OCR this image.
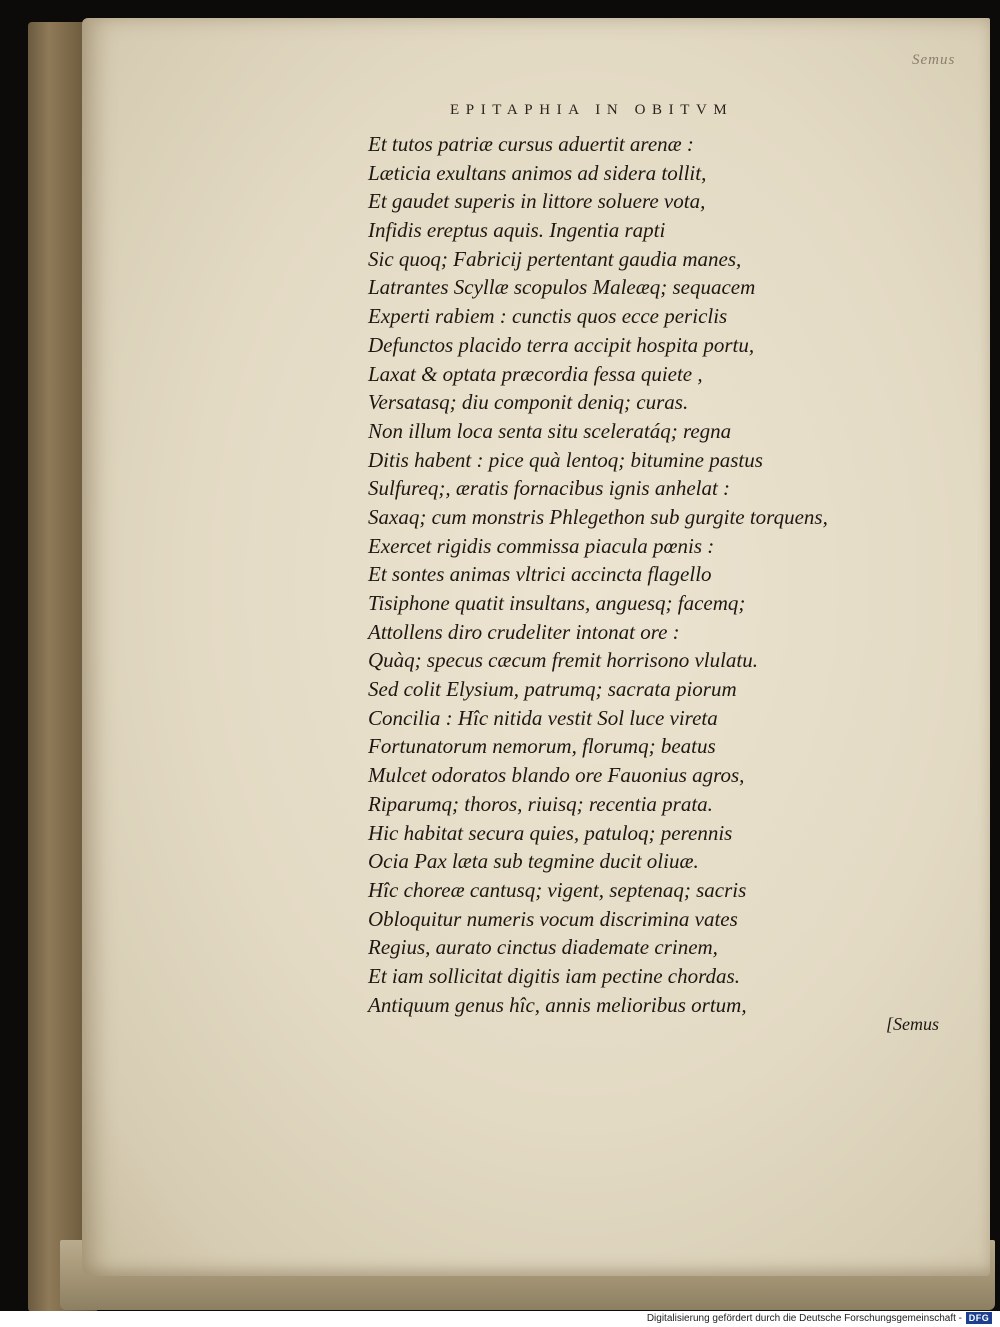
Semus
EPITAPHIA IN OBITVM
Et tutos patriæ cursus aduertit arenæ :
Læticia exultans animos ad sidera tollit,
Et gaudet superis in littore soluere vota,
Infidis ereptus aquis. Ingentia rapti
Sic quoq; Fabricij pertentant gaudia manes,
Latrantes Scyllæ scopulos Maleæq; sequacem
Experti rabiem : cunctis quos ecce periclis
Defunctos placido terra accipit hospita portu,
Laxat & optata præcordia fessa quiete ,
Versatasq; diu componit deniq; curas.
Non illum loca senta situ sceleratáq; regna
Ditis habent : pice quà lentoq; bitumine pastus
Sulfureq;, æratis fornacibus ignis anhelat :
Saxaq; cum monstris Phlegethon sub gurgite torquens,
Exercet rigidis commissa piacula pœnis :
Et sontes animas vltrici accincta flagello
Tisiphone quatit insultans, anguesq; facemq;
Attollens diro crudeliter intonat ore :
Quàq; specus cæcum fremit horrisono vlulatu.
Sed colit Elysium, patrumq; sacrata piorum
Concilia : Hîc nitida vestit Sol luce vireta
Fortunatorum nemorum, florumq; beatus
Mulcet odoratos blando ore Fauonius agros,
Riparumq; thoros, riuisq; recentia prata.
Hic habitat secura quies, patuloq; perennis
Ocia Pax læta sub tegmine ducit oliuæ.
Hîc choreæ cantusq; vigent, septenaq; sacris
Obloquitur numeris vocum discrimina vates
Regius, aurato cinctus diademate crinem,
Et iam sollicitat digitis iam pectine chordas.
Antiquum genus hîc, annis melioribus ortum,
[Semus
Digitalisierung gefördert durch die Deutsche Forschungsgemeinschaft - DFG
